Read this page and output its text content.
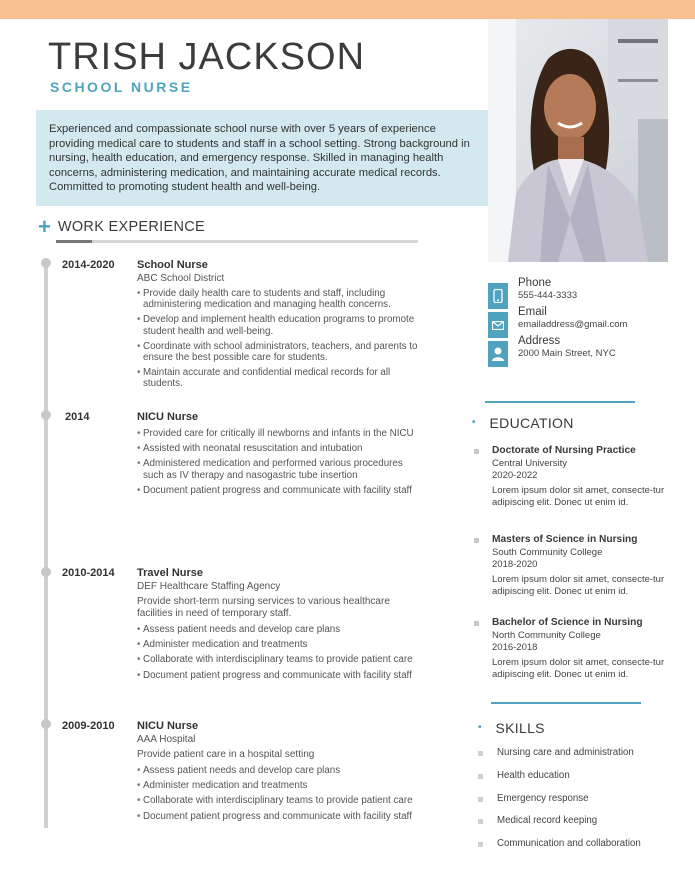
TRISH JACKSON
SCHOOL NURSE
Experienced and compassionate school nurse with over 5 years of experience providing medical care to students and staff in a school setting. Strong background in nursing, health education, and emergency response. Skilled in managing health concerns, administering medication, and maintaining accurate medical records. Committed to promoting student health and well-being.
+ WORK EXPERIENCE
2014-2020 School Nurse
ABC School District
• Provide daily health care to students and staff, including administering medication and managing health concerns.
• Develop and implement health education programs to promote student health and well-being.
• Coordinate with school administrators, teachers, and parents to ensure the best possible care for students.
• Maintain accurate and confidential medical records for all students.
2014	NICU Nurse
• Provided care for critically ill newborns and infants in the NICU
• Assisted with neonatal resuscitation and intubation
• Administered medication and performed various procedures such as IV therapy and nasogastric tube insertion
• Document patient progress and communicate with facility staff
2010-2014 Travel Nurse
DEF Healthcare Staffing Agency
Provide short-term nursing services to various healthcare facilities in need of temporary staff.
• Assess patient needs and develop care plans
• Administer medication and treatments
• Collaborate with interdisciplinary teams to provide patient care
• Document patient progress and communicate with facility staff
2009-2010 NICU Nurse
AAA Hospital
Provide patient care in a hospital setting
• Assess patient needs and develop care plans
• Administer medication and treatments
• Collaborate with interdisciplinary teams to provide patient care
• Document patient progress and communicate with facility staff
Phone
555-444-3333
Email
emailaddress@gmail.com
Address
2000 Main Street, NYC
• EDUCATION
Doctorate of Nursing Practice
Central University
2020-2022
Lorem ipsum dolor sit amet, consecte-tur adipiscing elit. Donec ut enim id.
Masters of Science in Nursing
South Community College
2018-2020
Lorem ipsum dolor sit amet, consecte-tur adipiscing elit. Donec ut enim id.
Bachelor of Science in Nursing
North Community College
2016-2018
Lorem ipsum dolor sit amet, consecte-tur adipiscing elit. Donec ut enim id.
• SKILLS
Nursing care and administration
Health education
Emergency response
Medical record keeping
Communication and collaboration
